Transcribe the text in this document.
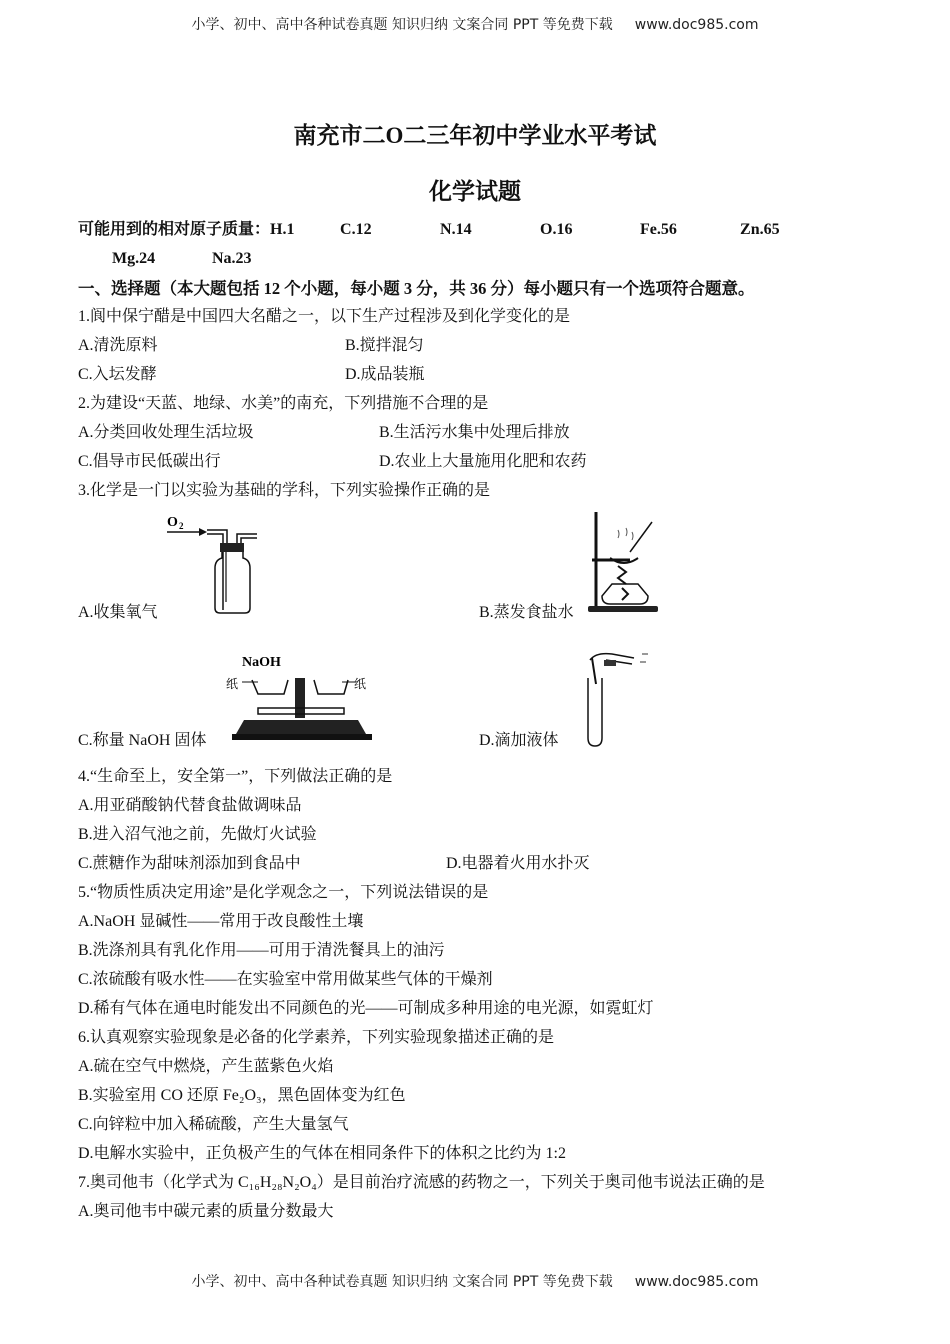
小学、初中、高中各种试卷真题 知识归纳 文案合同 PPT 等免费下载 www.doc985.com
南充市二O二三年初中学业水平考试
化学试题
可能用到的相对原子质量：H.1	C.12	N.14	O.16	Fe.56	Zn.65
Mg.24	Na.23
一、选择题（本大题包括 12 个小题，每小题 3 分，共 36 分）每小题只有一个选项符合题意。
1.阆中保宁醋是中国四大名醋之一，以下生产过程涉及到化学变化的是
A.清洗原料	B.搅拌混匀
C.入坛发酵	D.成品装瓶
2.为建设“天蓝、地绿、水美”的南充，下列措施不合理的是
A.分类回收处理生活垃圾	B.生活污水集中处理后排放
C.倡导市民低碳出行	D.农业上大量施用化肥和农药
3.化学是一门以实验为基础的学科，下列实验操作正确的是
O 2
A.收集氧气	B.蒸发食盐水
NaOH
纸	纸
C.称量 NaOH 固体	D.滴加液体
4.“生命至上，安全第一”，下列做法正确的是
A.用亚硝酸钠代替食盐做调味品
B.进入沼气池之前，先做灯火试验
C.蔗糖作为甜味剂添加到食品中	D.电器着火用水扑灭
5.“物质性质决定用途”是化学观念之一，下列说法错误的是
A.NaOH 显碱性——常用于改良酸性土壤
B.洗涤剂具有乳化作用——可用于清洗餐具上的油污
C.浓硫酸有吸水性——在实验室中常用做某些气体的干燥剂
D.稀有气体在通电时能发出不同颜色的光——可制成多种用途的电光源，如霓虹灯
6.认真观察实验现象是必备的化学素养，下列实验现象描述正确的是
A.硫在空气中燃烧，产生蓝紫色火焰
B.实验室用 CO 还原 Fe₂O₃，黑色固体变为红色
C.向锌粒中加入稀硫酸，产生大量氢气
D.电解水实验中，正负极产生的气体在相同条件下的体积之比约为 1:2
7.奥司他韦（化学式为 C₁₆H₂₈N₂O₄）是目前治疗流感的药物之一，下列关于奥司他韦说法正确的是
A.奥司他韦中碳元素的质量分数最大
小学、初中、高中各种试卷真题 知识归纳 文案合同 PPT 等免费下载 www.doc985.com
